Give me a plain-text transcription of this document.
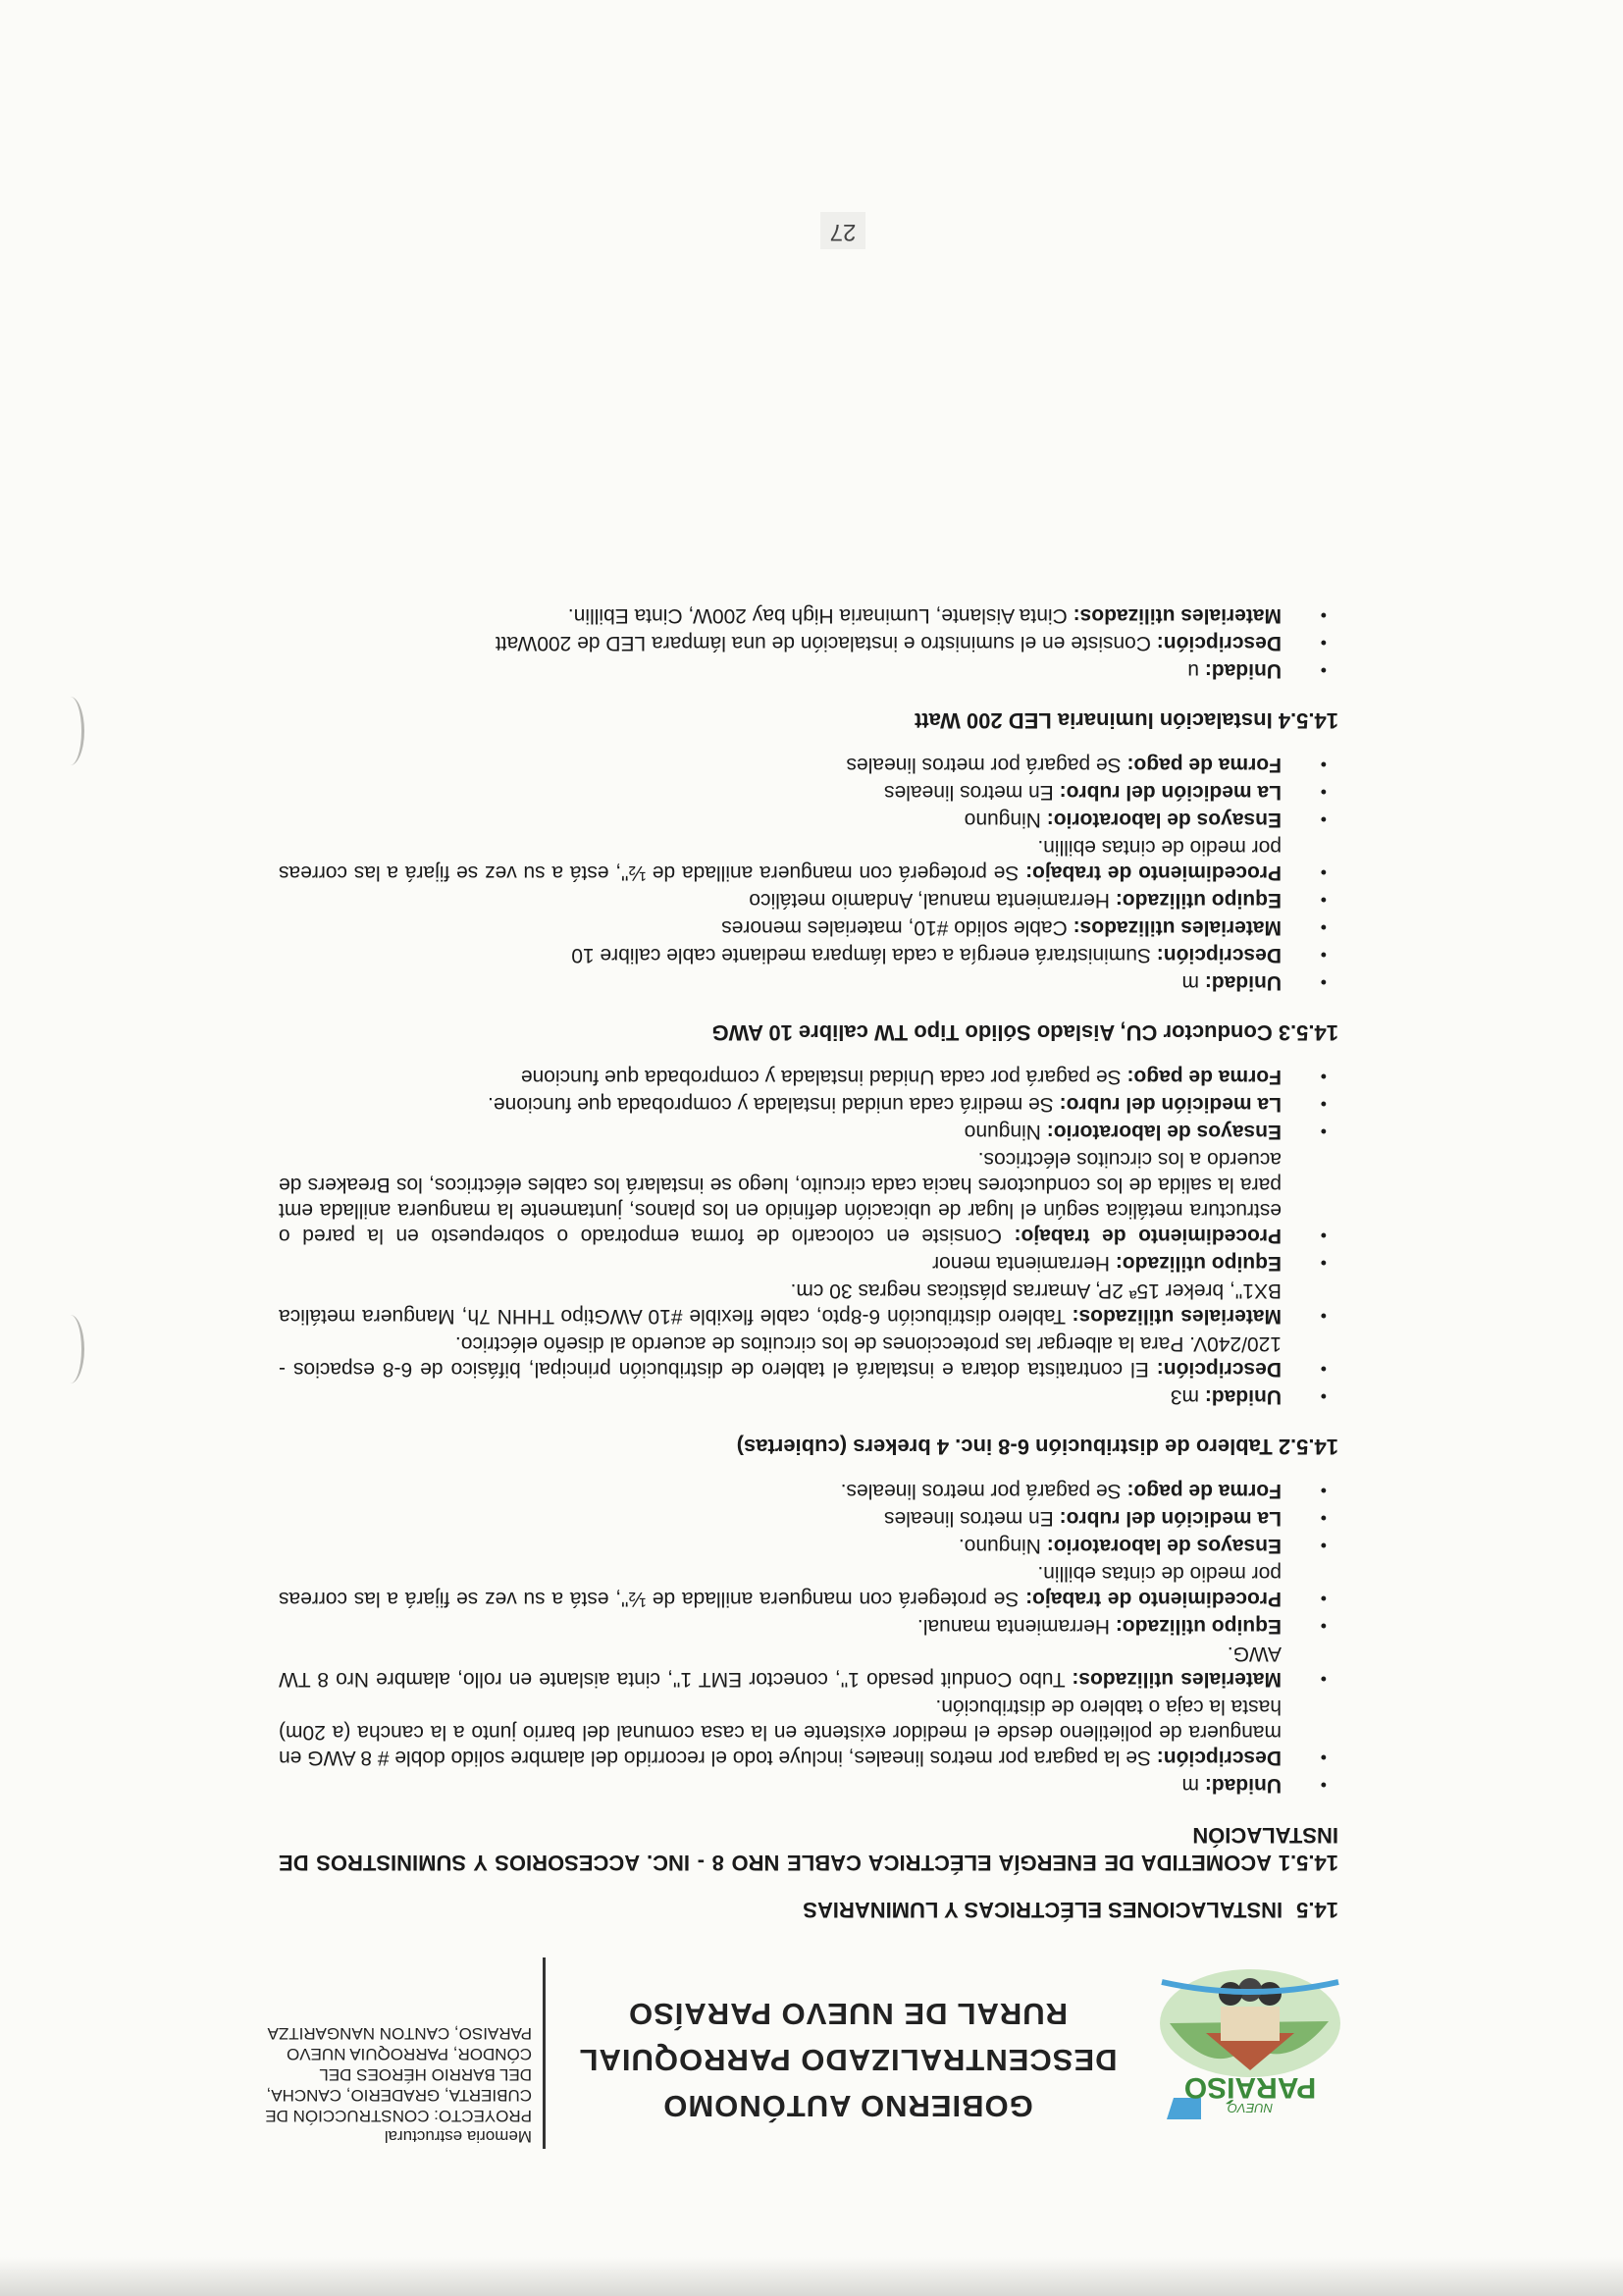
NUEVO
PARAÍSO
GOBIERNO AUTÓNOMO DESCENTRALIZADO PARROQUIAL RURAL DE NUEVO PARAÍSO
Memoria estructural
PROYECTO: CONSTRUCCIÓN DE CUBIERTA, GRADERIO, CANCHA, DEL BARRIO HÉROES DEL CÓNDOR, PARROQUIA NUEVO PARAISO, CANTON NANGARITZA
14.5INSTALACIONES ELÉCTRICAS Y LUMINARIAS
14.5.1 ACOMETIDA DE ENERGÍA ELÉCTRICA CABLE NRO 8 - INC. ACCESORIOS Y SUMINISTROS DE INSTALACIÓN
•
Unidad: m
•
Descripción: Se la pagara por metros lineales, incluye todo el recorrido del alambre solido doble # 8 AWG en manguera de polietileno desde el medidor existente en la casa comunal del barrio junto a la cancha (a 20m) hasta la caja o tablero de distribución.
•
Materiales utilizados: Tubo Conduit pesado 1", conector EMT 1", cinta aislante en rollo, alambre Nro 8 TW AWG.
•
Equipo utilizado: Herramienta manual.
•
Procedimiento de trabajo: Se protegerá con manguera anillada de ½", está a su vez se fijará a las correas por medio de cintas ebillin.
•
Ensayos de laboratorio: Ninguno.
•
La medición del rubro: En metros lineales
•
Forma de pago: Se pagará por metros lineales.
14.5.2 Tablero de distribución 6-8 inc. 4 brekers (cubiertas)
•
Unidad: m3
•
Descripción: El contratista dotara e instalará el tablero de distribución principal, bifásico de 6-8 espacios - 120/240V. Para la albergar las protecciones de los circuitos de acuerdo al diseño eléctrico.
•
Materiales utilizados: Tablero distribución 6-8pto, cable flexible #10 AWGtipo THHN 7h, Manguera metálica BX1", breker 15ª 2P, Amarras plásticas negras 30 cm.
•
Equipo utilizado: Herramienta menor
•
Procedimiento de trabajo: Consiste en colocarlo de forma empotrado o sobrepuesto en la pared o estructura metálica según el lugar de ubicación definido en los planos, juntamente la manguera anillada emt para la salida de los conductores hacia cada circuito, luego se instalará los cables eléctricos, los Breakers de acuerdo a los circuitos eléctricos.
•
Ensayos de laboratorio: Ninguno
•
La medición del rubro: Se medirá cada unidad instalada y comprobada que funcione.
•
Forma de pago: Se pagará por cada Unidad instalada y comprobada que funcione
14.5.3 Conductor CU, Aislado Sólido Tipo TW calibre 10 AWG
•
Unidad: m
•
Descripción: Suministrará energía a cada lámpara mediante cable calibre 10
•
Materiales utilizados: Cable solido #10, materiales menores
•
Equipo utilizado: Herramienta manual, Andamio metálico
•
Procedimiento de trabajo: Se protegerá con manguera anillada de ½", está a su vez se fijará a las correas por medio de cintas ebillin.
•
Ensayos de laboratorio: Ninguno
•
La medición del rubro: En metros lineales
•
Forma de pago: Se pagará por metros lineales
14.5.4 Instalación luminaria LED 200 Watt
•
Unidad: u
•
Descripción: Consiste en el suministro e instalación de una lámpara LED de 200Watt
•
Materiales utilizados: Cinta Aislante, Luminaria High bay 200W, Cinta Ebillin.
27
